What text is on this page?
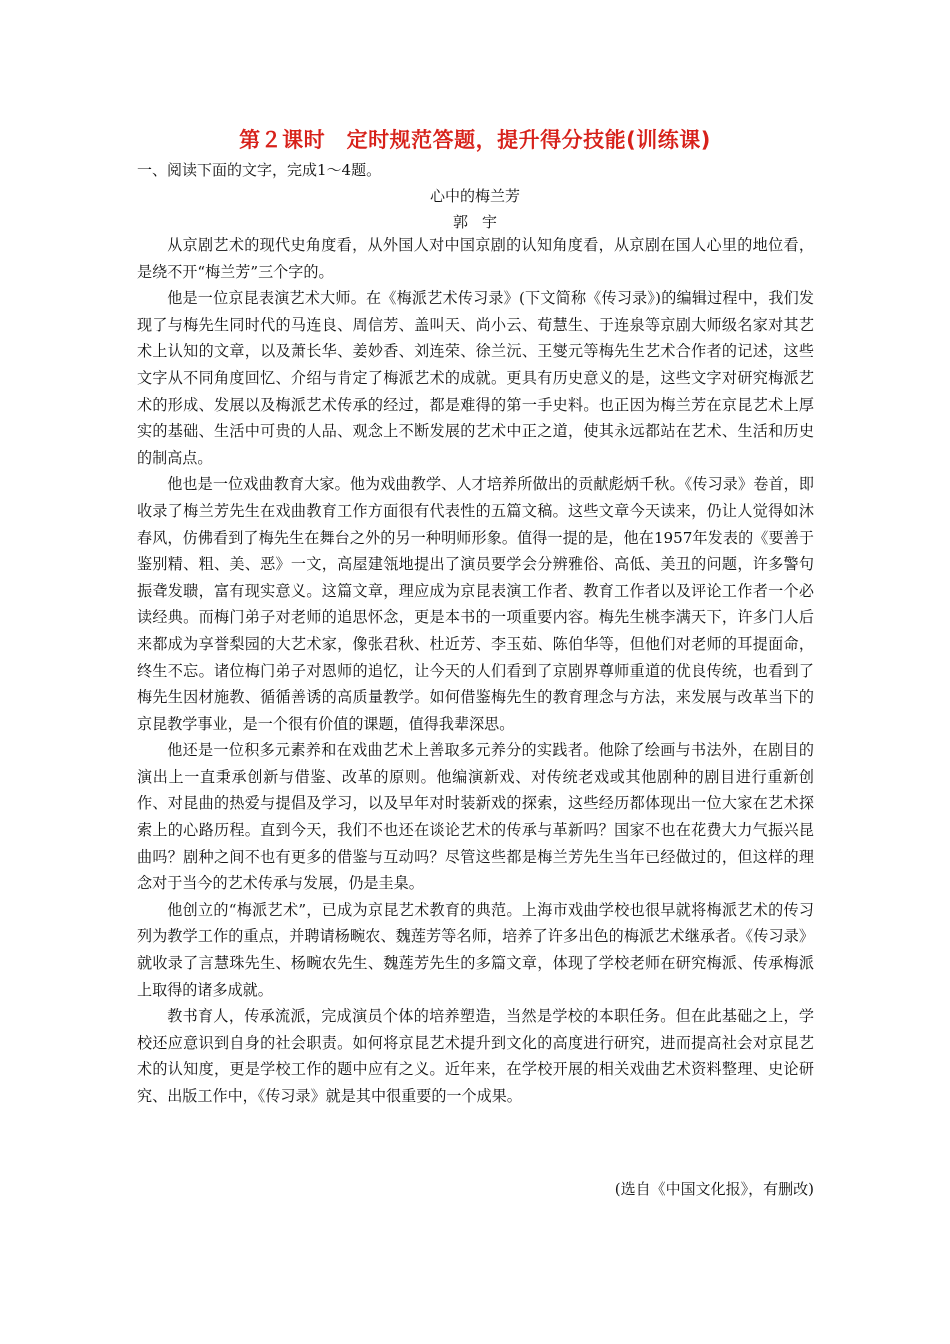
第２课时　定时规范答题，提升得分技能(训练课)
一、阅读下面的文字，完成1～4题。
心中的梅兰芳
郭宇

从京剧艺术的现代史角度看，从外国人对中国京剧的认知角度看，从京剧在国人心里的地位看，是绕不开“梅兰芳”三个字的。

他是一位京昆表演艺术大师。在《梅派艺术传习录》(下文简称《传习录》)的编辑过程中，我们发现了与梅先生同时代的马连良、周信芳、盖叫天、尚小云、荀慧生、于连泉等京剧大师级名家对其艺术上认知的文章，以及萧长华、姜妙香、刘连荣、徐兰沅、王燮元等梅先生艺术合作者的记述，这些文字从不同角度回忆、介绍与肯定了梅派艺术的成就。更具有历史意义的是，这些文字对研究梅派艺术的形成、发展以及梅派艺术传承的经过，都是难得的第一手史料。也正因为梅兰芳在京昆艺术上厚实的基础、生活中可贵的人品、观念上不断发展的艺术中正之道，使其永远都站在艺术、生活和历史的制高点。

他也是一位戏曲教育大家。他为戏曲教学、人才培养所做出的贡献彪炳千秋。《传习录》卷首，即收录了梅兰芳先生在戏曲教育工作方面很有代表性的五篇文稿。这些文章今天读来，仍让人觉得如沐春风，仿佛看到了梅先生在舞台之外的另一种明师形象。值得一提的是，他在1957年发表的《要善于鉴别精、粗、美、恶》一文，高屋建瓴地提出了演员要学会分辨雅俗、高低、美丑的问题，许多警句振聋发聩，富有现实意义。这篇文章，理应成为京昆表演工作者、教育工作者以及评论工作者一个必读经典。而梅门弟子对老师的追思怀念，更是本书的一项重要内容。梅先生桃李满天下，许多门人后来都成为享誉梨园的大艺术家，像张君秋、杜近芳、李玉茹、陈伯华等，但他们对老师的耳提面命，终生不忘。诸位梅门弟子对恩师的追忆，让今天的人们看到了京剧界尊师重道的优良传统，也看到了梅先生因材施教、循循善诱的高质量教学。如何借鉴梅先生的教育理念与方法，来发展与改革当下的京昆教学事业，是一个很有价值的课题，值得我辈深思。

他还是一位积多元素养和在戏曲艺术上善取多元养分的实践者。他除了绘画与书法外，在剧目的演出上一直秉承创新与借鉴、改革的原则。他编演新戏、对传统老戏或其他剧种的剧目进行重新创作、对昆曲的热爱与提倡及学习，以及早年对时装新戏的探索，这些经历都体现出一位大家在艺术探索上的心路历程。直到今天，我们不也还在谈论艺术的传承与革新吗？国家不也在花费大力气振兴昆曲吗？剧种之间不也有更多的借鉴与互动吗？尽管这些都是梅兰芳先生当年已经做过的，但这样的理念对于当今的艺术传承与发展，仍是圭臬。

他创立的“梅派艺术”，已成为京昆艺术教育的典范。上海市戏曲学校也很早就将梅派艺术的传习列为教学工作的重点，并聘请杨畹农、魏莲芳等名师，培养了许多出色的梅派艺术继承者。《传习录》就收录了言慧珠先生、杨畹农先生、魏莲芳先生的多篇文章，体现了学校老师在研究梅派、传承梅派上取得的诸多成就。

教书育人，传承流派，完成演员个体的培养塑造，当然是学校的本职任务。但在此基础之上，学校还应意识到自身的社会职责。如何将京昆艺术提升到文化的高度进行研究，进而提高社会对京昆艺术的认知度，更是学校工作的题中应有之义。近年来，在学校开展的相关戏曲艺术资料整理、史论研究、出版工作中，《传习录》就是其中很重要的一个成果。

(选自《中国文化报》，有删改)
